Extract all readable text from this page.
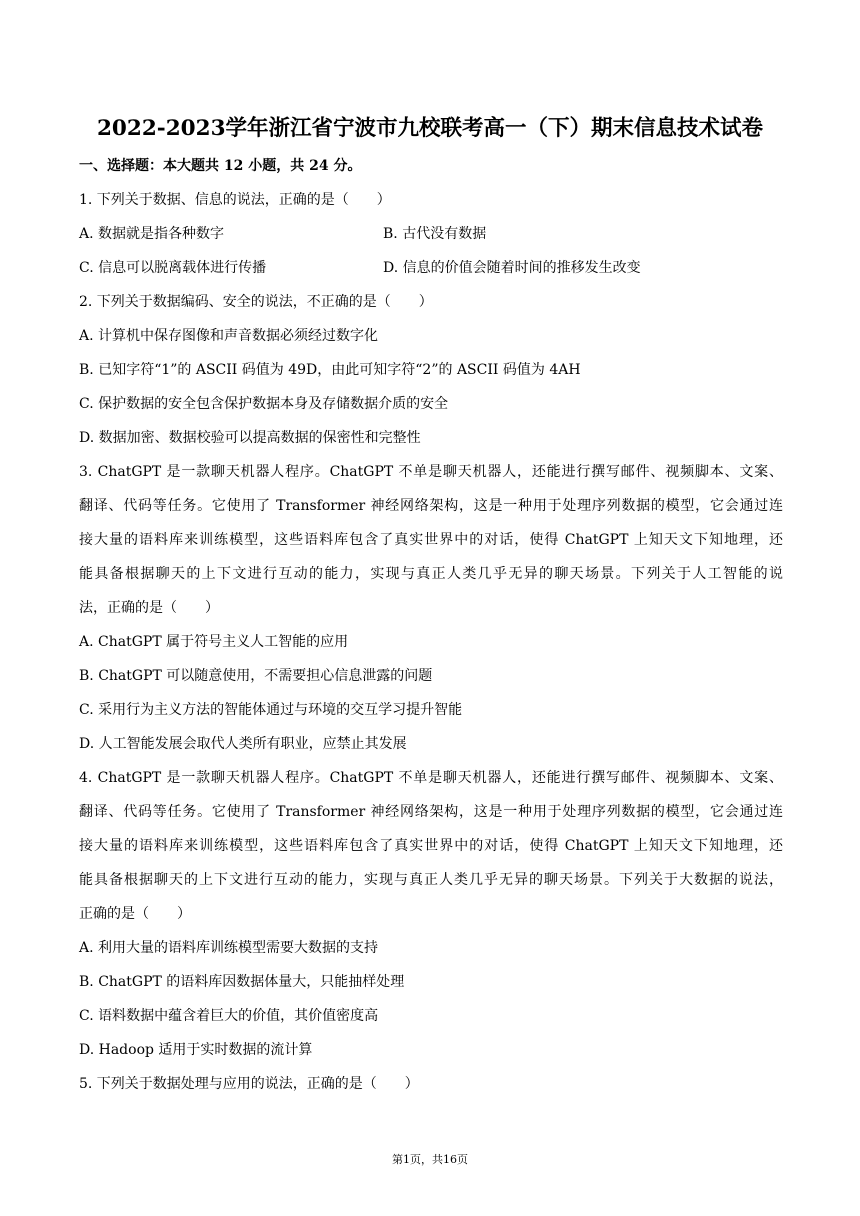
2022-2023学年浙江省宁波市九校联考高一（下）期末信息技术试卷
一、选择题：本大题共 12 小题，共 24 分。
1. 下列关于数据、信息的说法，正确的是（　　）
A. 数据就是指各种数字	B. 古代没有数据
C. 信息可以脱离载体进行传播	D. 信息的价值会随着时间的推移发生改变
2. 下列关于数据编码、安全的说法，不正确的是（　　）
A. 计算机中保存图像和声音数据必须经过数字化
B. 已知字符“1”的 ASCII 码值为 49D，由此可知字符“2”的 ASCII 码值为 4AH
C. 保护数据的安全包含保护数据本身及存储数据介质的安全
D. 数据加密、数据校验可以提高数据的保密性和完整性
3. ChatGPT 是一款聊天机器人程序。ChatGPT 不单是聊天机器人，还能进行撰写邮件、视频脚本、文案、
翻译、代码等任务。它使用了 Transformer 神经网络架构，这是一种用于处理序列数据的模型，它会通过连
接大量的语料库来训练模型，这些语料库包含了真实世界中的对话，使得 ChatGPT 上知天文下知地理，还
能具备根据聊天的上下文进行互动的能力，实现与真正人类几乎无异的聊天场景。下列关于人工智能的说
法，正确的是（　　）
A. ChatGPT 属于符号主义人工智能的应用
B. ChatGPT 可以随意使用，不需要担心信息泄露的问题
C. 采用行为主义方法的智能体通过与环境的交互学习提升智能
D. 人工智能发展会取代人类所有职业，应禁止其发展
4. ChatGPT 是一款聊天机器人程序。ChatGPT 不单是聊天机器人，还能进行撰写邮件、视频脚本、文案、
翻译、代码等任务。它使用了 Transformer 神经网络架构，这是一种用于处理序列数据的模型，它会通过连
接大量的语料库来训练模型，这些语料库包含了真实世界中的对话，使得 ChatGPT 上知天文下知地理，还
能具备根据聊天的上下文进行互动的能力，实现与真正人类几乎无异的聊天场景。下列关于大数据的说法，
正确的是（　　）
A. 利用大量的语料库训练模型需要大数据的支持
B. ChatGPT 的语料库因数据体量大，只能抽样处理
C. 语料数据中蕴含着巨大的价值，其价值密度高
D. Hadoop 适用于实时数据的流计算
5. 下列关于数据处理与应用的说法，正确的是（　　）
第1页，共16页
